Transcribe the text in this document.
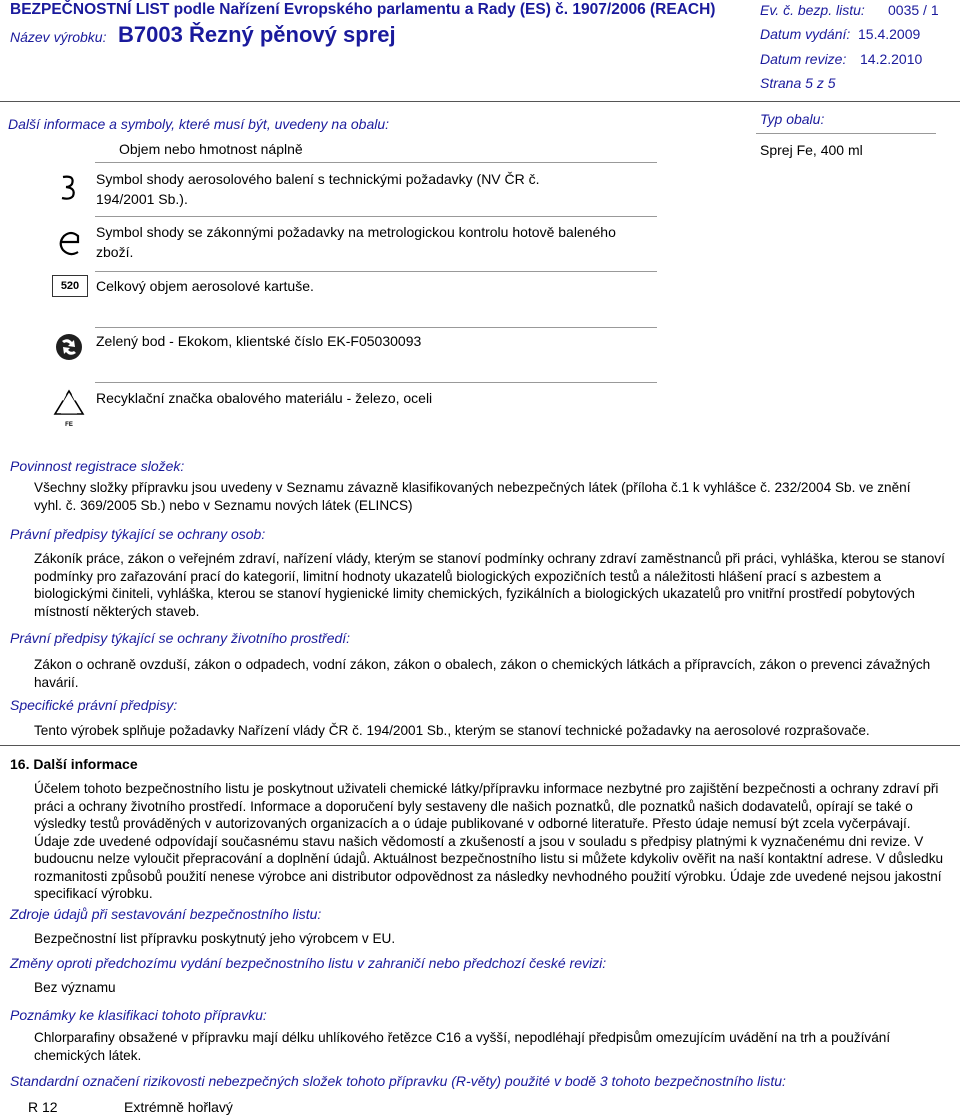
BEZPEČNOSTNÍ LIST podle Nařízení Evropského parlamentu a Rady (ES) č. 1907/2006 (REACH)
Název výrobku: B7003 Řezný pěnový sprej
Ev. č. bezp. listu: 0035 / 1
Datum vydání: 15.4.2009
Datum revize: 14.2.2010
Strana 5 z 5
Další informace a symboly, které musí být, uvedeny na obalu:	Typ obalu:
Sprej Fe, 400 ml
Objem nebo hmotnost náplně
Symbol shody aerosolového balení s technickými požadavky (NV ČR č. 194/2001 Sb.).
Symbol shody se zákonnými požadavky na metrologickou kontrolu hotově baleného zboží.
520	Celkový objem aerosolové kartuše.
Zelený bod - Ekokom, klientské číslo EK-F05030093
FE
Recyklační značka obalového materiálu - železo, oceli
Povinnost registrace složek:
Všechny složky přípravku jsou uvedeny v Seznamu závazně klasifikovaných nebezpečných látek (příloha č.1 k vyhlášce č. 232/2004 Sb. ve znění vyhl. č. 369/2005 Sb.) nebo v Seznamu nových látek (ELINCS)
Právní předpisy týkající se ochrany osob:
Zákoník práce, zákon o veřejném zdraví, nařízení vlády, kterým se stanoví podmínky ochrany zdraví zaměstnanců při práci, vyhláška, kterou se stanoví podmínky pro zařazování prací do kategorií, limitní hodnoty ukazatelů biologických expozičních testů a náležitosti hlášení prací s azbestem a biologickými činiteli, vyhláška, kterou se stanoví hygienické limity chemických, fyzikálních a biologických ukazatelů pro vnitřní prostředí pobytových místností některých staveb.
Právní předpisy týkající se ochrany životního prostředí:
Zákon o ochraně ovzduší, zákon o odpadech, vodní zákon, zákon o obalech, zákon o chemických látkách a přípravcích, zákon o prevenci závažných havárií.
Specifické právní předpisy:
Tento výrobek splňuje požadavky Nařízení vlády ČR č. 194/2001 Sb., kterým se stanoví technické požadavky na aerosolové rozprašovače.
16. Další informace
Účelem tohoto bezpečnostního listu je poskytnout uživateli chemické látky/přípravku informace nezbytné pro zajištění bezpečnosti a ochrany zdraví při práci a ochrany životního prostředí. Informace a doporučení byly sestaveny dle našich poznatků, dle poznatků našich dodavatelů, opírají se také o výsledky testů prováděných v autorizovaných organizacích a o údaje publikované v odborné literatuře. Přesto údaje nemusí být zcela vyčerpávají. Údaje zde uvedené odpovídají současnému stavu našich vědomostí a zkušeností a jsou v souladu s předpisy platnými k vyznačenému dni revize. V budoucnu nelze vyloučit přepracování a doplnění údajů. Aktuálnost bezpečnostního listu si můžete kdykoliv ověřit na naší kontaktní adrese. V důsledku rozmanitosti způsobů použití nenese výrobce ani distributor odpovědnost za následky nevhodného použití výrobku. Údaje zde uvedené nejsou jakostní specifikací výrobku.
Zdroje údajů při sestavování bezpečnostního listu:
Bezpečnostní list přípravku poskytnutý jeho výrobcem v EU.
Změny oproti předchozímu vydání bezpečnostního listu v zahraničí nebo předchozí české revizi:
Bez významu
Poznámky ke klasifikaci tohoto přípravku:
Chlorparafiny obsažené v přípravku mají délku uhlíkového řetězce C16 a vyšší, nepodléhají předpisům omezujícím uvádění na trh a používání chemických látek.
Standardní označení rizikovosti nebezpečných složek tohoto přípravku (R-věty) použité v bodě 3 tohoto bezpečnostního listu:
R 12	Extrémně hořlavý
